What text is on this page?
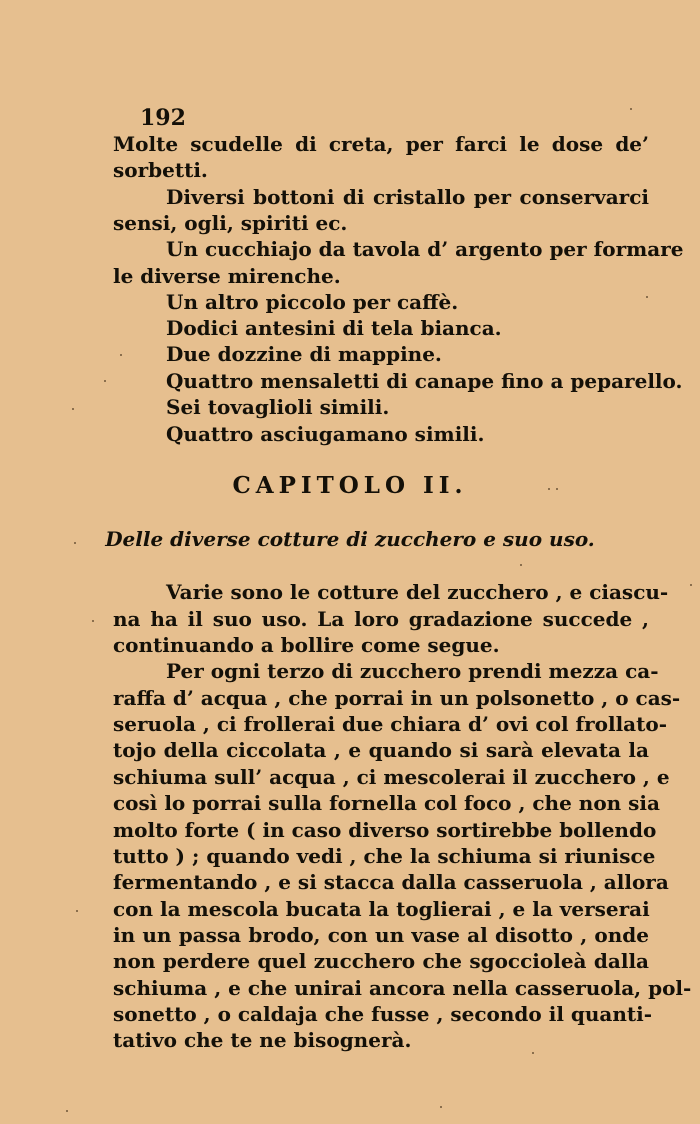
192
Molte scudelle di creta, per farci le dose de’
sorbetti.
Diversi bottoni di cristallo per conservarci
sensi, ogli, spiriti ec.
Un cucchiajo da tavola d’ argento per formare
le diverse mirenche.
Un altro piccolo per caffè.
Dodici antesini di tela bianca.
Due dozzine di mappine.
Quattro mensaletti di canape fino a peparello.
Sei tovaglioli simili.
Quattro asciugamano simili.
CAPITOLO II.
Delle diverse cotture di zucchero e suo uso.
Varie sono le cotture del zucchero , e ciascu-
na ha il suo uso. La loro gradazione succede ,
continuando a bollire come segue.
Per ogni terzo di zucchero prendi mezza ca-
raffa d’ acqua , che porrai in un polsonetto , o cas-
seruola , ci frollerai due chiara d’ ovi col frollato-
tojo della ciccolata , e quando si sarà elevata la
schiuma sull’ acqua , ci mescolerai il zucchero , e
così lo porrai sulla fornella col foco , che non sia
molto forte ( in caso diverso sortirebbe bollendo
tutto ) ; quando vedi , che la schiuma si riunisce
fermentando , e si stacca dalla casseruola , allora
con la mescola bucata la toglierai , e la verserai
in un passa brodo, con un vase al disotto , onde
non perdere quel zucchero che sgoccioleà dalla
schiuma , e che unirai ancora nella casseruola, pol-
sonetto , o caldaja che fusse , secondo il quanti-
tativo che te ne bisognerà.
